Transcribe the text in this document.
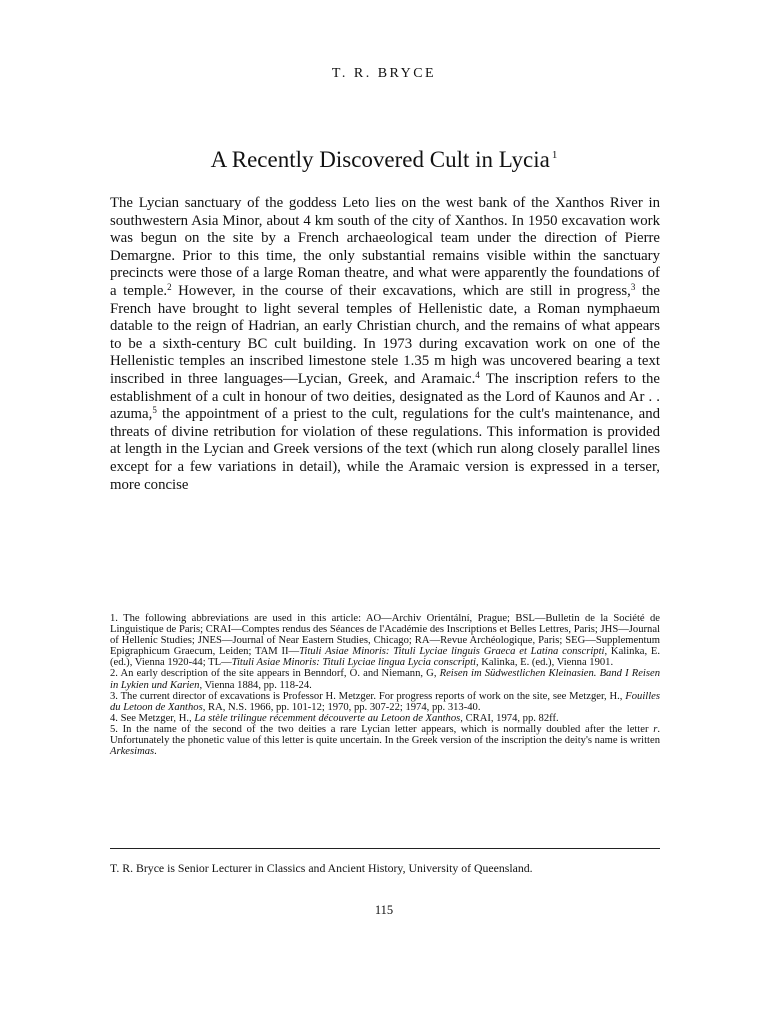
T. R. BRYCE
A Recently Discovered Cult in Lycia $^1$

The Lycian sanctuary of the goddess Leto lies on the west bank of the Xanthos River in southwestern Asia Minor, about 4 km south of the city of Xanthos. In 1950 excavation work was begun on the site by a French archaeological team under the direction of Pierre Demargne. Prior to this time, the only substantial remains visible within the sanctuary precincts were those of a large Roman theatre, and what were apparently the foundations of a temple.$^2$ However, in the course of their excavations, which are still in progress,$^3$ the French have brought to light several temples of Hellenistic date, a Roman nymphaeum datable to the reign of Hadrian, an early Christian church, and the remains of what appears to be a sixth-century BC cult building. In 1973 during excavation work on one of the Hellenistic temples an inscribed limestone stele 1.35 m high was uncovered bearing a text inscribed in three languages—Lycian, Greek, and Aramaic.$^4$ The inscription refers to the establishment of a cult in honour of two deities, designated as the Lord of Kaunos and Ar . . azuma,$^5$ the appointment of a priest to the cult, regulations for the cult's maintenance, and threats of divine retribution for violation of these regulations. This information is provided at length in the Lycian and Greek versions of the text (which run along closely parallel lines except for a few variations in detail), while the Aramaic version is expressed in a terser, more concise

1. The following abbreviations are used in this article: AO—Archiv Orientální, Prague; BSL—Bulletin de la Société de Linguistique de Paris; CRAI—Comptes rendus des Séances de l'Académie des Inscriptions et Belles Lettres, Paris; JHS—Journal of Hellenic Studies; JNES—Journal of Near Eastern Studies, Chicago; RA—Revue Archéologique, Paris; SEG—Supplementum Epigraphicum Graecum, Leiden; TAM II—Tituli Asiae Minoris: Tituli Lyciae linguis Graeca et Latina conscripti, Kalinka, E. (ed.), Vienna 1920-44; TL—Tituli Asiae Minoris: Tituli Lyciae lingua Lycia conscripti, Kalinka, E. (ed.), Vienna 1901.

2. An early description of the site appears in Benndorf, O. and Niemann, G, Reisen im Südwestlichen Kleinasien. Band I Reisen in Lykien und Karien, Vienna 1884, pp. 118-24.

3. The current director of excavations is Professor H. Metzger. For progress reports of work on the site, see Metzger, H., Fouilles du Letoon de Xanthos, RA, N.S. 1966, pp. 101-12; 1970, pp. 307-22; 1974, pp. 313-40.

4. See Metzger, H., La stèle trilingue récemment découverte au Letoon de Xanthos, CRAI, 1974, pp. 82ff.

5. In the name of the second of the two deities a rare Lycian letter appears, which is normally doubled after the letter r. Unfortunately the phonetic value of this letter is quite uncertain. In the Greek version of the inscription the deity's name is written Arkesimas.

T. R. Bryce is Senior Lecturer in Classics and Ancient History, University of Queensland.

115
